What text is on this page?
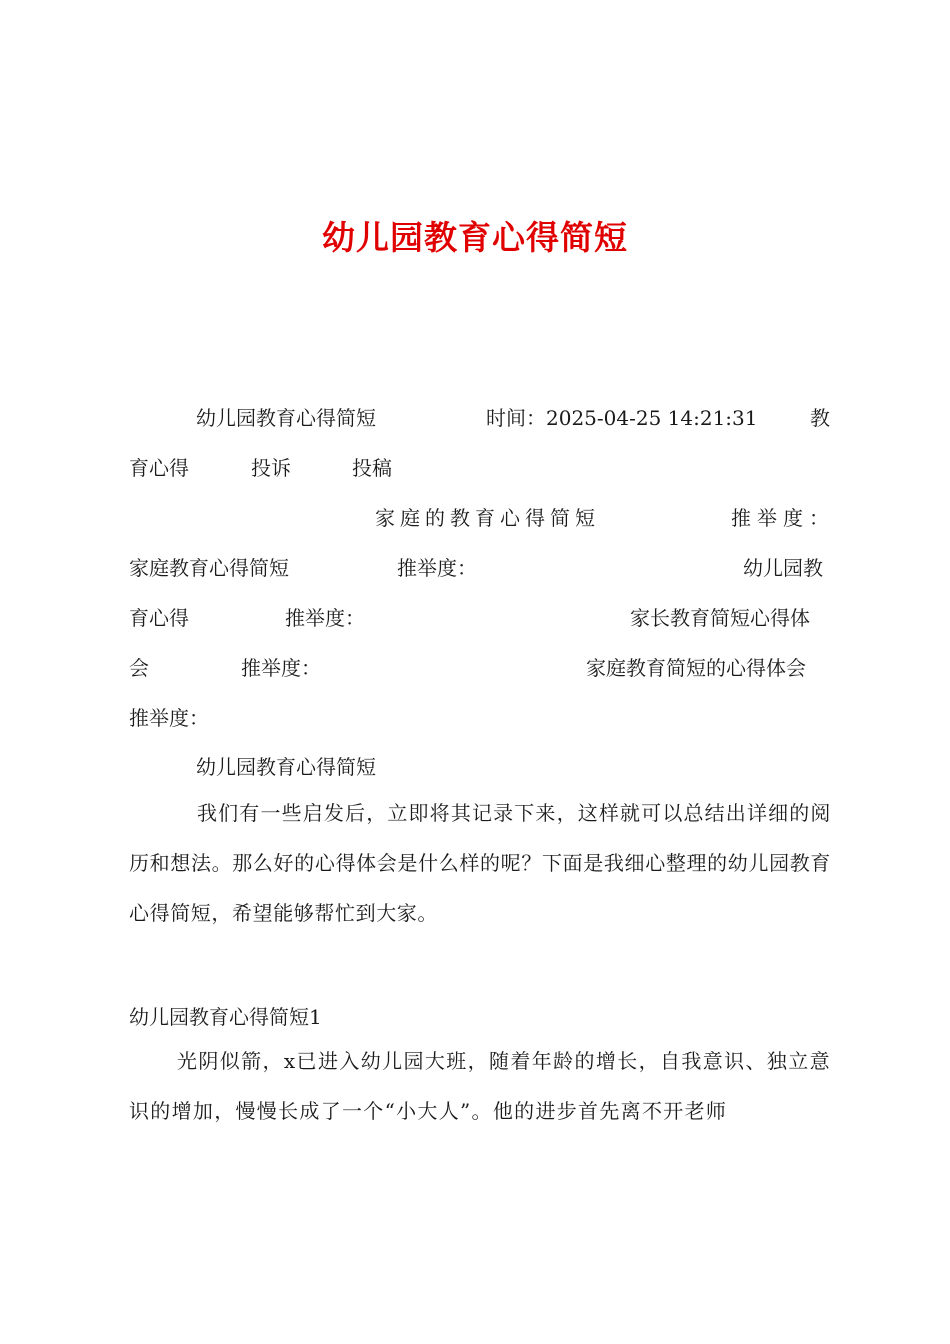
幼儿园教育心得简短
幼儿园教育心得简短	时间：2025-04-25 14:21:31	教
育心得	投诉	投稿
家庭的教育心得简短	推举度：
家庭教育心得简短	推举度：	幼儿园教
育心得	推举度：	家长教育简短心得体
会	推举度：	家庭教育简短的心得体会
推举度：
幼儿园教育心得简短
我们有一些启发后，立即将其记录下来，这样就可以总结出详细的阅历和想法。那么好的心得体会是什么样的呢？下面是我细心整理的幼儿园教育心得简短，希望能够帮忙到大家。
幼儿园教育心得简短1
光阴似箭，x已进入幼儿园大班，随着年龄的增长，自我意识、独立意识的增加，慢慢长成了一个“小大人”。他的进步首先离不开老师
